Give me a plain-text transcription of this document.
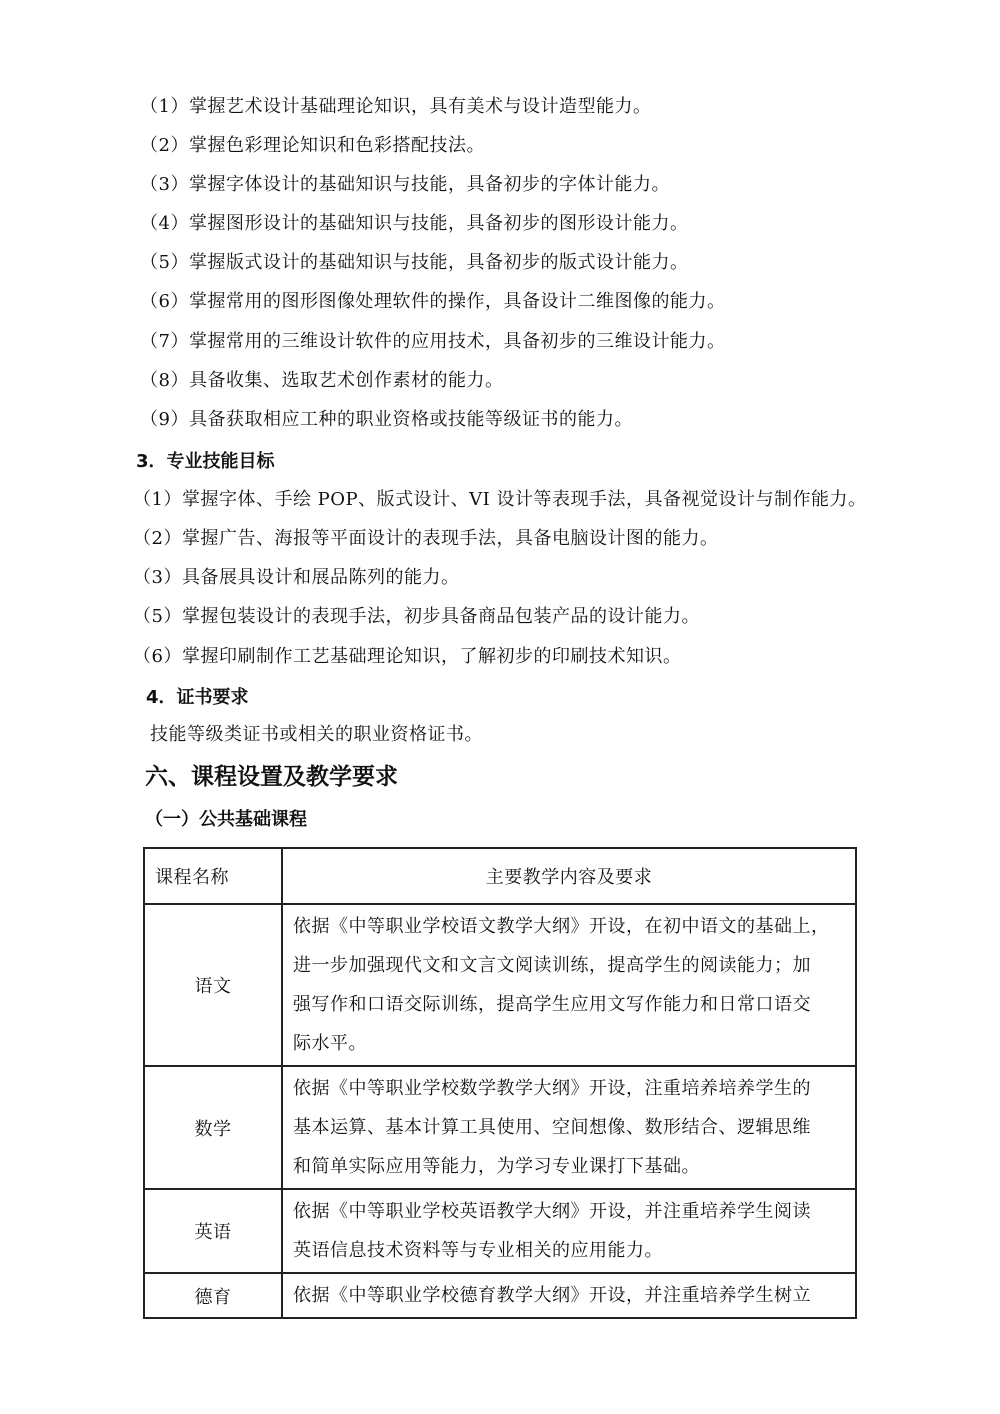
（1）掌握艺术设计基础理论知识，具有美术与设计造型能力。
（2）掌握色彩理论知识和色彩搭配技法。
（3）掌握字体设计的基础知识与技能，具备初步的字体计能力。
（4）掌握图形设计的基础知识与技能，具备初步的图形设计能力。
（5）掌握版式设计的基础知识与技能，具备初步的版式设计能力。
（6）掌握常用的图形图像处理软件的操作，具备设计二维图像的能力。
（7）掌握常用的三维设计软件的应用技术，具备初步的三维设计能力。
（8）具备收集、选取艺术创作素材的能力。
（9）具备获取相应工种的职业资格或技能等级证书的能力。
3．专业技能目标
（1）掌握字体、手绘 POP、版式设计、VI 设计等表现手法，具备视觉设计与制作能力。
（2）掌握广告、海报等平面设计的表现手法，具备电脑设计图的能力。
（3）具备展具设计和展品陈列的能力。
（5）掌握包装设计的表现手法，初步具备商品包装产品的设计能力。
（6）掌握印刷制作工艺基础理论知识，了解初步的印刷技术知识。
4．证书要求
技能等级类证书或相关的职业资格证书。
六、课程设置及教学要求
（一）公共基础课程
课程名称	主要教学内容及要求
语文	依据《中等职业学校语文教学大纲》开设，在初中语文的基础上，
进一步加强现代文和文言文阅读训练，提高学生的阅读能力；加
强写作和口语交际训练，提高学生应用文写作能力和日常口语交
际水平。

数学	依据《中等职业学校数学教学大纲》开设，注重培养培养学生的
基本运算、基本计算工具使用、空间想像、数形结合、逻辑思维
和简单实际应用等能力，为学习专业课打下基础。

英语	依据《中等职业学校英语教学大纲》开设，并注重培养学生阅读
英语信息技术资料等与专业相关的应用能力。

德育	依据《中等职业学校德育教学大纲》开设，并注重培养学生树立
